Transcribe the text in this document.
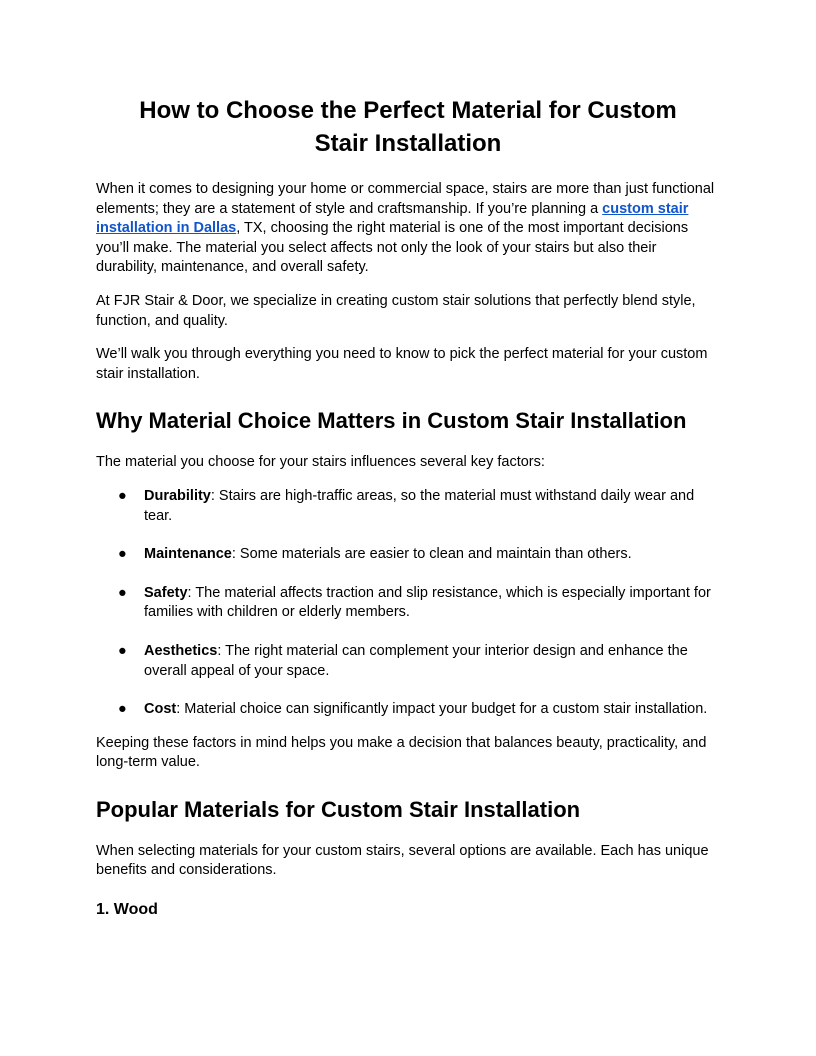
How to Choose the Perfect Material for Custom Stair Installation

When it comes to designing your home or commercial space, stairs are more than just functional elements; they are a statement of style and craftsmanship. If you’re planning a custom stair installation in Dallas, TX, choosing the right material is one of the most important decisions you’ll make. The material you select affects not only the look of your stairs but also their durability, maintenance, and overall safety.

At FJR Stair & Door, we specialize in creating custom stair solutions that perfectly blend style, function, and quality.

We’ll walk you through everything you need to know to pick the perfect material for your custom stair installation.

Why Material Choice Matters in Custom Stair Installation

The material you choose for your stairs influences several key factors:

● Durability: Stairs are high-traffic areas, so the material must withstand daily wear and tear.
● Maintenance: Some materials are easier to clean and maintain than others.
● Safety: The material affects traction and slip resistance, which is especially important for families with children or elderly members.
● Aesthetics: The right material can complement your interior design and enhance the overall appeal of your space.
● Cost: Material choice can significantly impact your budget for a custom stair installation.

Keeping these factors in mind helps you make a decision that balances beauty, practicality, and long-term value.

Popular Materials for Custom Stair Installation

When selecting materials for your custom stairs, several options are available. Each has unique benefits and considerations.

1. Wood
